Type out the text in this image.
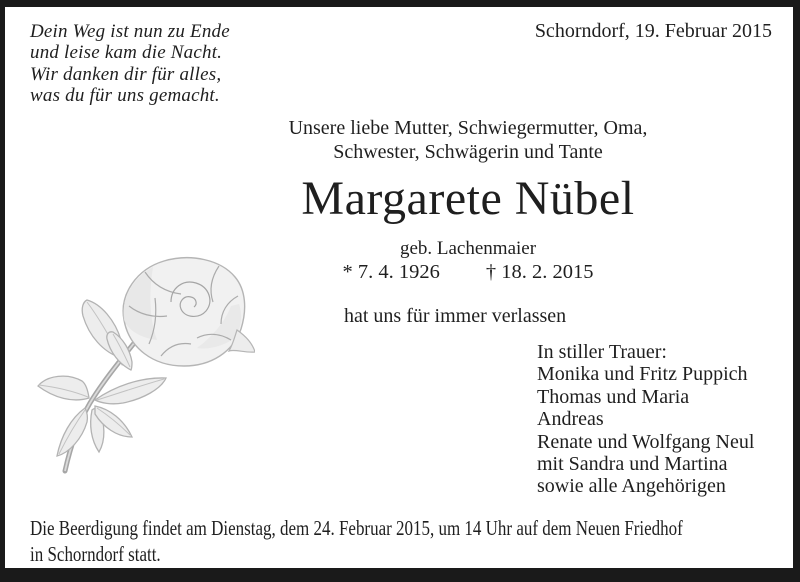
Dein Weg ist nun zu Ende
und leise kam die Nacht.
Wir danken dir für alles,
was du für uns gemacht.
Schorndorf, 19. Februar 2015
Unsere liebe Mutter, Schwiegermutter, Oma,
Schwester, Schwägerin und Tante
Margarete Nübel
geb. Lachenmaier
* 7. 4. 1926 † 18. 2. 2015
hat uns für immer verlassen
In stiller Trauer:
Monika und Fritz Puppich
Thomas und Maria
Andreas
Renate und Wolfgang Neul
mit Sandra und Martina
sowie alle Angehörigen
Die Beerdigung findet am Dienstag, dem 24. Februar 2015, um 14 Uhr auf dem Neuen Friedhof
in Schorndorf statt.
